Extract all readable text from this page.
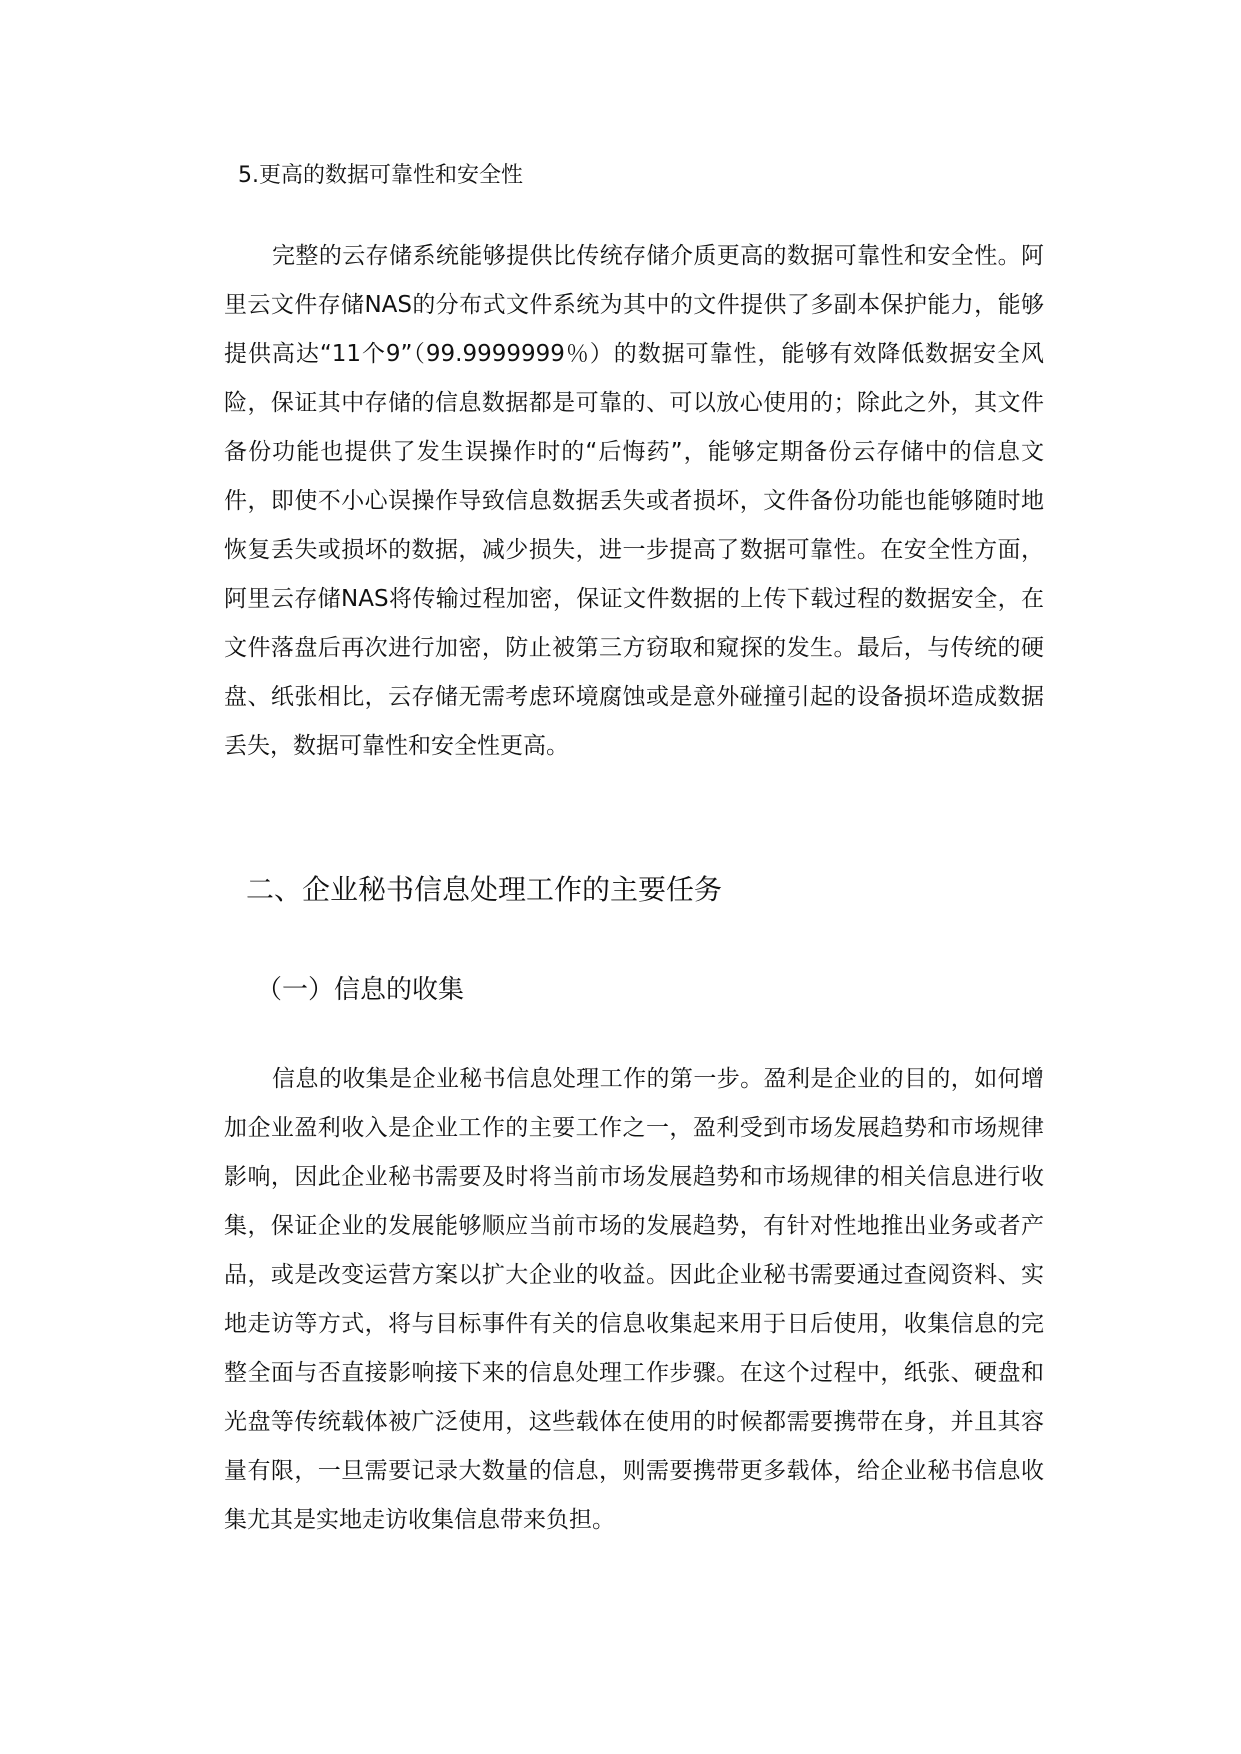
5.更高的数据可靠性和安全性

完整的云存储系统能够提供比传统存储介质更高的数据可靠性和安全性。阿里云文件存储NAS的分布式文件系统为其中的文件提供了多副本保护能力，能够提供高达“11个9”（99.9999999％）的数据可靠性，能够有效降低数据安全风险，保证其中存储的信息数据都是可靠的、可以放心使用的；除此之外，其文件备份功能也提供了发生误操作时的“后悔药”，能够定期备份云存储中的信息文件，即使不小心误操作导致信息数据丢失或者损坏，文件备份功能也能够随时地恢复丢失或损坏的数据，减少损失，进一步提高了数据可靠性。在安全性方面，阿里云存储NAS将传输过程加密，保证文件数据的上传下载过程的数据安全，在文件落盘后再次进行加密，防止被第三方窃取和窥探的发生。最后，与传统的硬盘、纸张相比，云存储无需考虑环境腐蚀或是意外碰撞引起的设备损坏造成数据丢失，数据可靠性和安全性更高。

二、企业秘书信息处理工作的主要任务
（一）信息的收集

信息的收集是企业秘书信息处理工作的第一步。盈利是企业的目的，如何增加企业盈利收入是企业工作的主要工作之一，盈利受到市场发展趋势和市场规律影响，因此企业秘书需要及时将当前市场发展趋势和市场规律的相关信息进行收集，保证企业的发展能够顺应当前市场的发展趋势，有针对性地推出业务或者产品，或是改变运营方案以扩大企业的收益。因此企业秘书需要通过查阅资料、实地走访等方式，将与目标事件有关的信息收集起来用于日后使用，收集信息的完整全面与否直接影响接下来的信息处理工作步骤。在这个过程中，纸张、硬盘和光盘等传统载体被广泛使用，这些载体在使用的时候都需要携带在身，并且其容量有限，一旦需要记录大数量的信息，则需要携带更多载体，给企业秘书信息收集尤其是实地走访收集信息带来负担。
